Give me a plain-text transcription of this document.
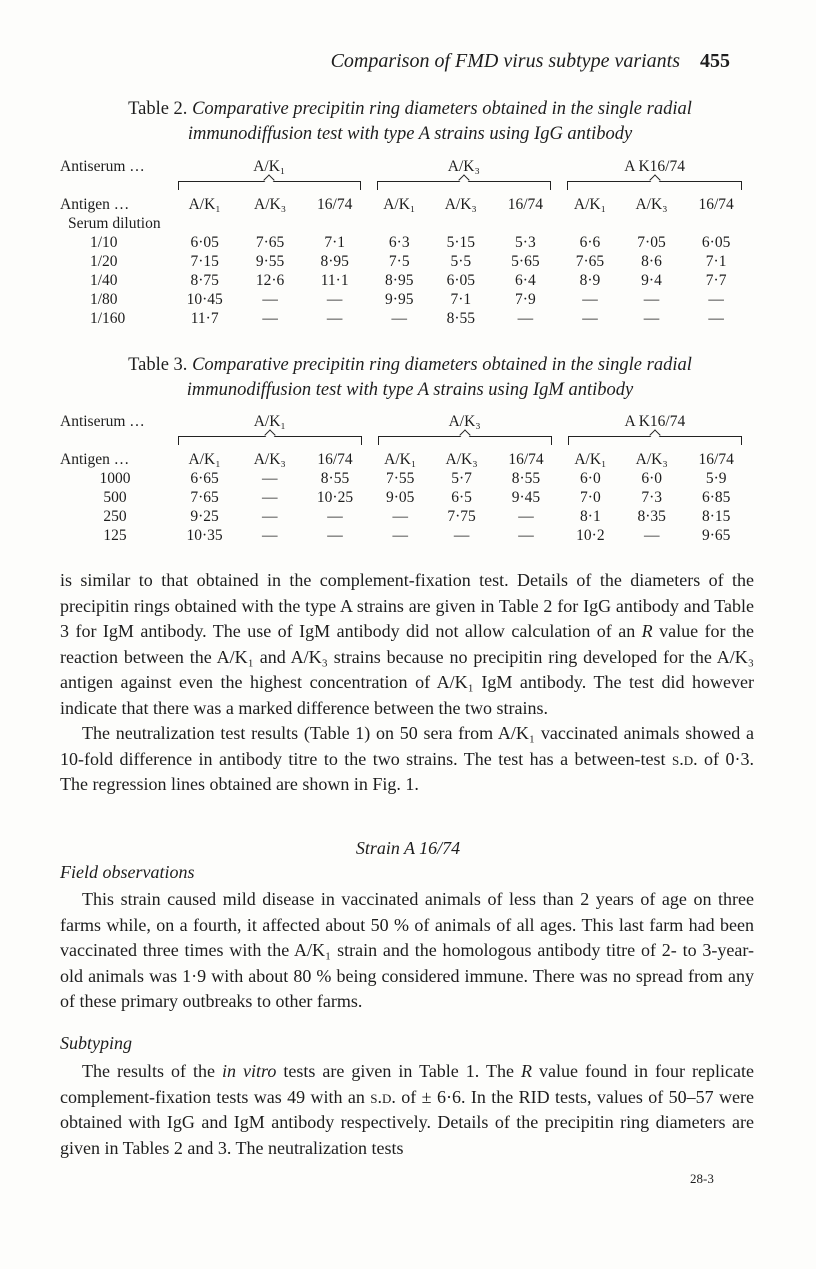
Comparison of FMD virus subtype variants 455
Table 2. Comparative precipitin ring diameters obtained in the single radial
immunodiffusion test with type A strains using IgG antibody
Antiserum …	A/K₁			A/K₃			A K16/74		

Antigen …	A/K₁	A/K₃	16/74	A/K₁	A/K₃	16/74	A/K₁	A/K₃	16/74
Serum dilution									
1/10	6·05	7·65	7·1	6·3	5·15	5·3	6·6	7·05	6·05
1/20	7·15	9·55	8·95	7·5	5·5	5·65	7·65	8·6	7·1
1/40	8·75	12·6	11·1	8·95	6·05	6·4	8·9	9·4	7·7
1/80	10·45	—	—	9·95	7·1	7·9	—	—	—
1/160	11·7	—	—	—	8·55	—	—	—	—
Table 3. Comparative precipitin ring diameters obtained in the single radial
immunodiffusion test with type A strains using IgM antibody
Antiserum …	A/K₁			A/K₃			A K16/74		

Antigen …	A/K₁	A/K₃	16/74	A/K₁	A/K₃	16/74	A/K₁	A/K₃	16/74
1000	6·65	—	8·55	7·55	5·7	8·55	6·0	6·0	5·9
500	7·65	—	10·25	9·05	6·5	9·45	7·0	7·3	6·85
250	9·25	—	—	—	7·75	—	8·1	8·35	8·15
125	10·35	—	—	—	—	—	10·2	—	9·65

is similar to that obtained in the complement-fixation test. Details of the diameters of the precipitin rings obtained with the type A strains are given in Table 2 for IgG antibody and Table 3 for IgM antibody. The use of IgM antibody did not allow calculation of an R value for the reaction between the A/K₁ and A/K₃ strains because no precipitin ring developed for the A/K₃ antigen against even the highest concentration of A/K₁ IgM antibody. The test did however indicate that there was a marked difference between the two strains.

The neutralization test results (Table 1) on 50 sera from A/K₁ vaccinated animals showed a 10-fold difference in antibody titre to the two strains. The test has a between-test s.d. of 0·3. The regression lines obtained are shown in Fig. 1.

Strain A 16/74
Field observations

This strain caused mild disease in vaccinated animals of less than 2 years of age on three farms while, on a fourth, it affected about 50 % of animals of all ages. This last farm had been vaccinated three times with the A/K₁ strain and the homologous antibody titre of 2- to 3-year-old animals was 1·9 with about 80 % being considered immune. There was no spread from any of these primary outbreaks to other farms.

Subtyping

The results of the in vitro tests are given in Table 1. The R value found in four replicate complement-fixation tests was 49 with an s.d. of ± 6·6. In the RID tests, values of 50–57 were obtained with IgG and IgM antibody respectively. Details of the precipitin ring diameters are given in Tables 2 and 3. The neutralization tests

28-3
